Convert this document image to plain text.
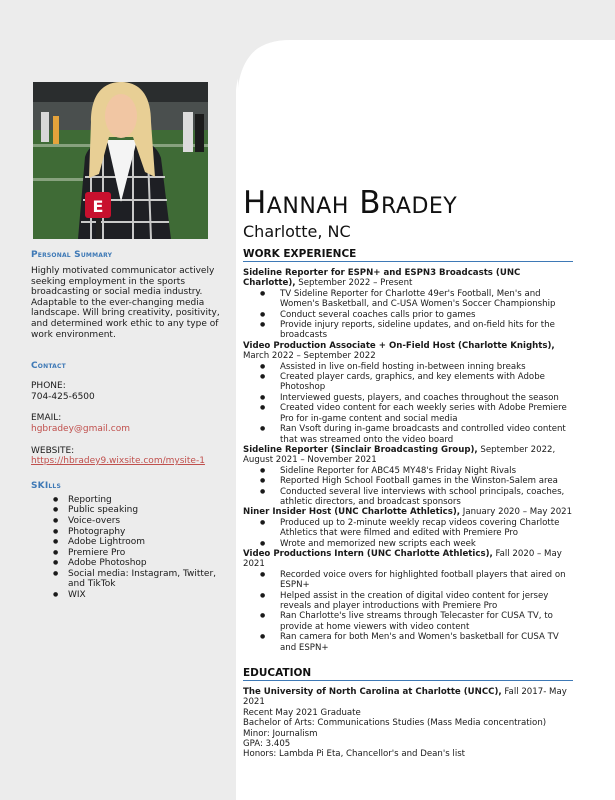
E
Personal Summary

Highly motivated communicator actively seeking employment in the sports broadcasting or social media industry. Adaptable to the ever-changing media landscape. Will bring creativity, positivity, and determined work ethic to any type of work environment.

Contact
PHONE:
704-425-6500
EMAIL:
hgbradey@gmail.com
WEBSITE:
https://hbradey9.wixsite.com/mysite-1
SKIlls
● Reporting
● Public speaking
● Voice-overs
● Photography
● Adobe Lightroom
● Premiere Pro
● Adobe Photoshop
● Social media: Instagram, Twitter, and TikTok
● WIX
Hannah Bradey
Charlotte, NC
WORK EXPERIENCE
Sideline Reporter for ESPN+ and ESPN3 Broadcasts (UNC Charlotte), September 2022 – Present
● TV Sideline Reporter for Charlotte 49er's Football, Men's and Women's Basketball, and C-USA Women's Soccer Championship
● Conduct several coaches calls prior to games
● Provide injury reports, sideline updates, and on-field hits for the broadcasts
Video Production Associate + On-Field Host (Charlotte Knights), March 2022 – September 2022
● Assisted in live on-field hosting in-between inning breaks
● Created player cards, graphics, and key elements with Adobe Photoshop
● Interviewed guests, players, and coaches throughout the season
● Created video content for each weekly series with Adobe Premiere Pro for in-game content and social media
● Ran Vsoft during in-game broadcasts and controlled video content that was streamed onto the video board
Sideline Reporter (Sinclair Broadcasting Group), September 2022, August 2021 – November 2021
● Sideline Reporter for ABC45 MY48's Friday Night Rivals
● Reported High School Football games in the Winston-Salem area
● Conducted several live interviews with school principals, coaches, athletic directors, and broadcast sponsors
Niner Insider Host (UNC Charlotte Athletics), January 2020 – May 2021
● Produced up to 2-minute weekly recap videos covering Charlotte Athletics that were filmed and edited with Premiere Pro
● Wrote and memorized new scripts each week
Video Productions Intern (UNC Charlotte Athletics), Fall 2020 – May 2021
● Recorded voice overs for highlighted football players that aired on ESPN+
● Helped assist in the creation of digital video content for jersey reveals and player introductions with Premiere Pro
● Ran Charlotte's live streams through Telecaster for CUSA TV, to provide at home viewers with video content
● Ran camera for both Men's and Women's basketball for CUSA TV and ESPN+
EDUCATION
The University of North Carolina at Charlotte (UNCC), Fall 2017- May 2021
Recent May 2021 Graduate
Bachelor of Arts: Communications Studies (Mass Media concentration)
Minor: Journalism
GPA: 3.405
Honors: Lambda Pi Eta, Chancellor's and Dean's list
